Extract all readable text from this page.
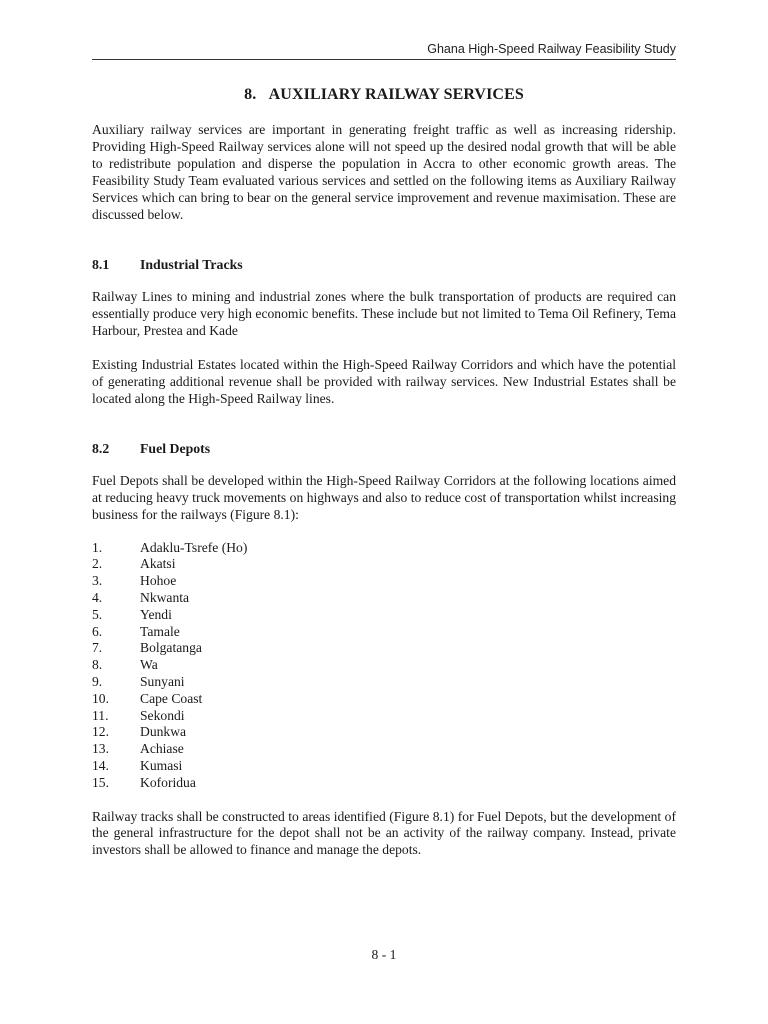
Ghana High-Speed Railway Feasibility Study
8. AUXILIARY RAILWAY SERVICES

Auxiliary railway services are important in generating freight traffic as well as increasing ridership. Providing High-Speed Railway services alone will not speed up the desired nodal growth that will be able to redistribute population and disperse the population in Accra to other economic growth areas. The Feasibility Study Team evaluated various services and settled on the following items as Auxiliary Railway Services which can bring to bear on the general service improvement and revenue maximisation. These are discussed below.

8.1	Industrial Tracks

Railway Lines to mining and industrial zones where the bulk transportation of products are required can essentially produce very high economic benefits. These include but not limited to Tema Oil Refinery, Tema Harbour, Prestea and Kade

Existing Industrial Estates located within the High-Speed Railway Corridors and which have the potential of generating additional revenue shall be provided with railway services. New Industrial Estates shall be located along the High-Speed Railway lines.

8.2	Fuel Depots

Fuel Depots shall be developed within the High-Speed Railway Corridors at the following locations aimed at reducing heavy truck movements on highways and also to reduce cost of transportation whilst increasing business for the railways (Figure 8.1):

1.	Adaklu-Tsrefe (Ho)
2.	Akatsi
3.	Hohoe
4.	Nkwanta
5.	Yendi
6.	Tamale
7.	Bolgatanga
8.	Wa
9.	Sunyani
10.	Cape Coast
11.	Sekondi
12.	Dunkwa
13.	Achiase
14.	Kumasi
15.	Koforidua

Railway tracks shall be constructed to areas identified (Figure 8.1) for Fuel Depots, but the development of the general infrastructure for the depot shall not be an activity of the railway company. Instead, private investors shall be allowed to finance and manage the depots.

8 - 1
